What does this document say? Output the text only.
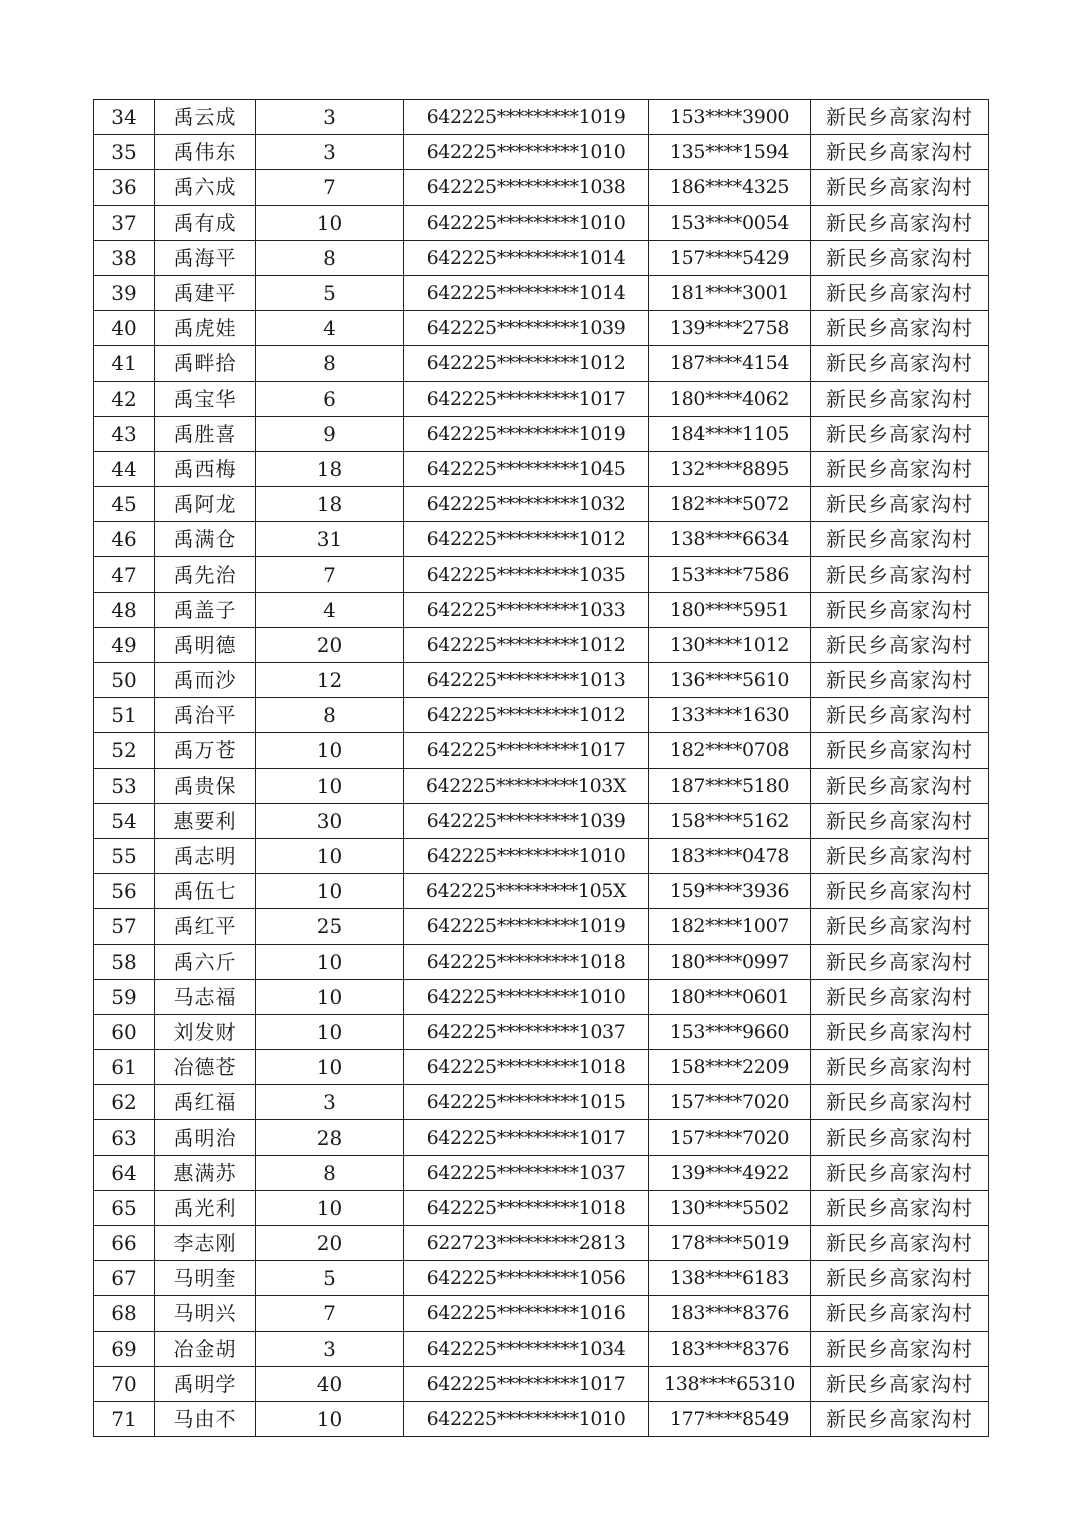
34	禹云成	3	642225*********1019	153****3900	新民乡高家沟村
35	禹伟东	3	642225*********1010	135****1594	新民乡高家沟村
36	禹六成	7	642225*********1038	186****4325	新民乡高家沟村
37	禹有成	10	642225*********1010	153****0054	新民乡高家沟村
38	禹海平	8	642225*********1014	157****5429	新民乡高家沟村
39	禹建平	5	642225*********1014	181****3001	新民乡高家沟村
40	禹虎娃	4	642225*********1039	139****2758	新民乡高家沟村
41	禹畔拾	8	642225*********1012	187****4154	新民乡高家沟村
42	禹宝华	6	642225*********1017	180****4062	新民乡高家沟村
43	禹胜喜	9	642225*********1019	184****1105	新民乡高家沟村
44	禹西梅	18	642225*********1045	132****8895	新民乡高家沟村
45	禹阿龙	18	642225*********1032	182****5072	新民乡高家沟村
46	禹满仓	31	642225*********1012	138****6634	新民乡高家沟村
47	禹先治	7	642225*********1035	153****7586	新民乡高家沟村
48	禹盖子	4	642225*********1033	180****5951	新民乡高家沟村
49	禹明德	20	642225*********1012	130****1012	新民乡高家沟村
50	禹而沙	12	642225*********1013	136****5610	新民乡高家沟村
51	禹治平	8	642225*********1012	133****1630	新民乡高家沟村
52	禹万苍	10	642225*********1017	182****0708	新民乡高家沟村
53	禹贵保	10	642225*********103X	187****5180	新民乡高家沟村
54	惠要利	30	642225*********1039	158****5162	新民乡高家沟村
55	禹志明	10	642225*********1010	183****0478	新民乡高家沟村
56	禹伍七	10	642225*********105X	159****3936	新民乡高家沟村
57	禹红平	25	642225*********1019	182****1007	新民乡高家沟村
58	禹六斤	10	642225*********1018	180****0997	新民乡高家沟村
59	马志福	10	642225*********1010	180****0601	新民乡高家沟村
60	刘发财	10	642225*********1037	153****9660	新民乡高家沟村
61	冶德苍	10	642225*********1018	158****2209	新民乡高家沟村
62	禹红福	3	642225*********1015	157****7020	新民乡高家沟村
63	禹明治	28	642225*********1017	157****7020	新民乡高家沟村
64	惠满苏	8	642225*********1037	139****4922	新民乡高家沟村
65	禹光利	10	642225*********1018	130****5502	新民乡高家沟村
66	李志刚	20	622723*********2813	178****5019	新民乡高家沟村
67	马明奎	5	642225*********1056	138****6183	新民乡高家沟村
68	马明兴	7	642225*********1016	183****8376	新民乡高家沟村
69	冶金胡	3	642225*********1034	183****8376	新民乡高家沟村
70	禹明学	40	642225*********1017	138****65310	新民乡高家沟村
71	马由不	10	642225*********1010	177****8549	新民乡高家沟村
